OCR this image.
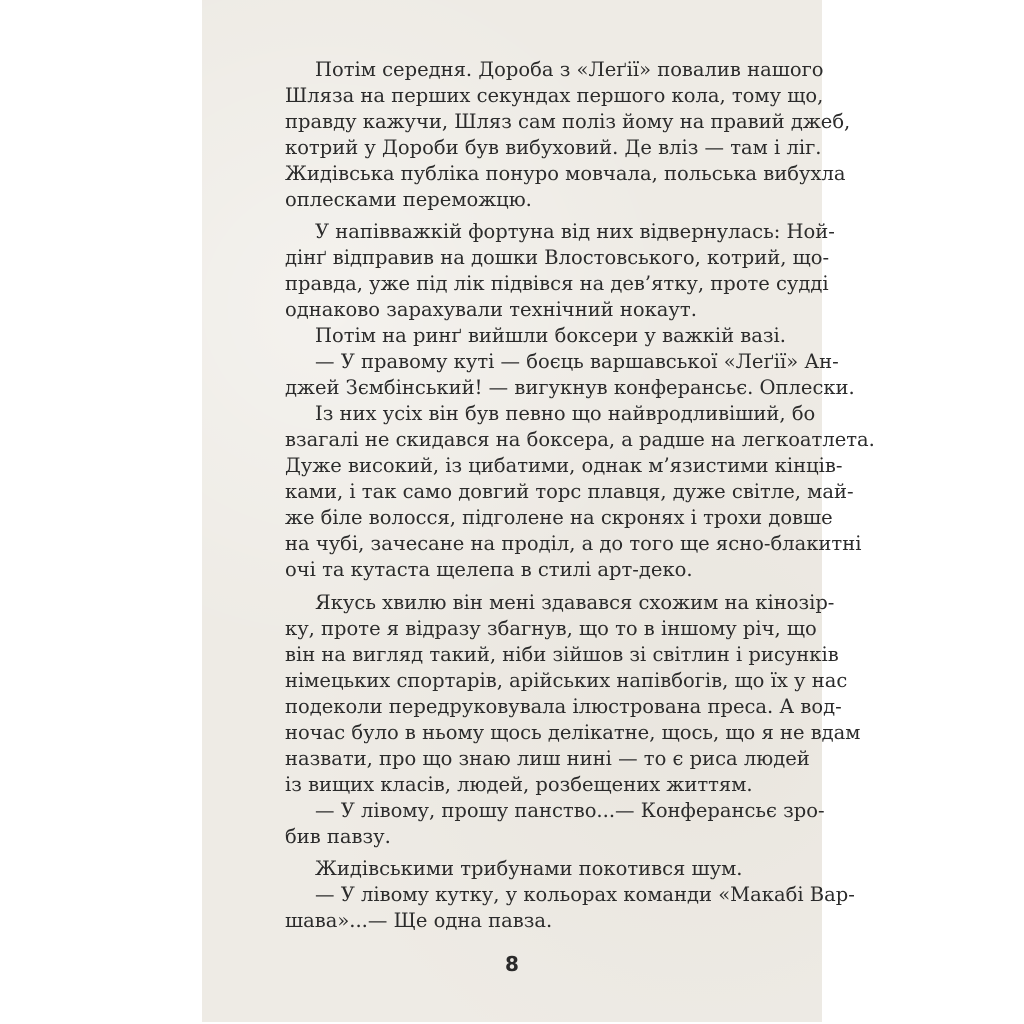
Потім середня. Дорoба з «Леґії» повалив нашого
Шляза на перших секундах першого кола, тому що,
правду кажучи, Шляз сам поліз йому на правий джеб,
котрий у Дороби був вибуховий. Де вліз — там і ліг.
Жидівська публіка понуро мовчала, польська вибухла
оплесками переможцю.
У напівважкій фортуна від них відвернулась: Ной-
дінґ відправив на дошки Влостовського, котрий, що-
правда, уже під лік підвівся на дев’ятку, проте судді
однаково зарахували технічний нокаут.
Потім на ринґ вийшли боксери у важкій вазі.
— У правому куті — боєць варшавської «Леґії» Ан-
джей Зємбінський! — вигукнув конферансьє. Оплески.
Із них усіх він був певно що найвродливіший, бо
взагалі не скидався на боксера, а радше на легкоатлета.
Дуже високий, із цибатими, однак м’язистими кінців-
ками, і так само довгий торс плавця, дуже світле, май-
же біле волосся, підголене на скронях і трохи довше
на чубі, зачесане на проділ, а до того ще ясно-блакитні
очі та кутаста щелепа в стилі арт-деко.
Якусь хвилю він мені здавався схожим на кінозір-
ку, проте я відразу збагнув, що то в іншому річ, що
він на вигляд такий, ніби зійшов зі світлин і рисунків
німецьких спортарів, арійських напівбогів, що їх у нас
подеколи передруковувала ілюстрована преса. А вод-
ночас було в ньому щось делікатне, щось, що я не вдам
назвати, про що знаю лиш нині — то є риса людей
із вищих класів, людей, розбещених життям.
— У лівому, прошу панство...— Конферансьє зро-
бив павзу.
Жидівськими трибунами покотився шум.
— У лівому кутку, у кольорах команди «Макабі Вар-
шава»...— Ще одна павза.
8
